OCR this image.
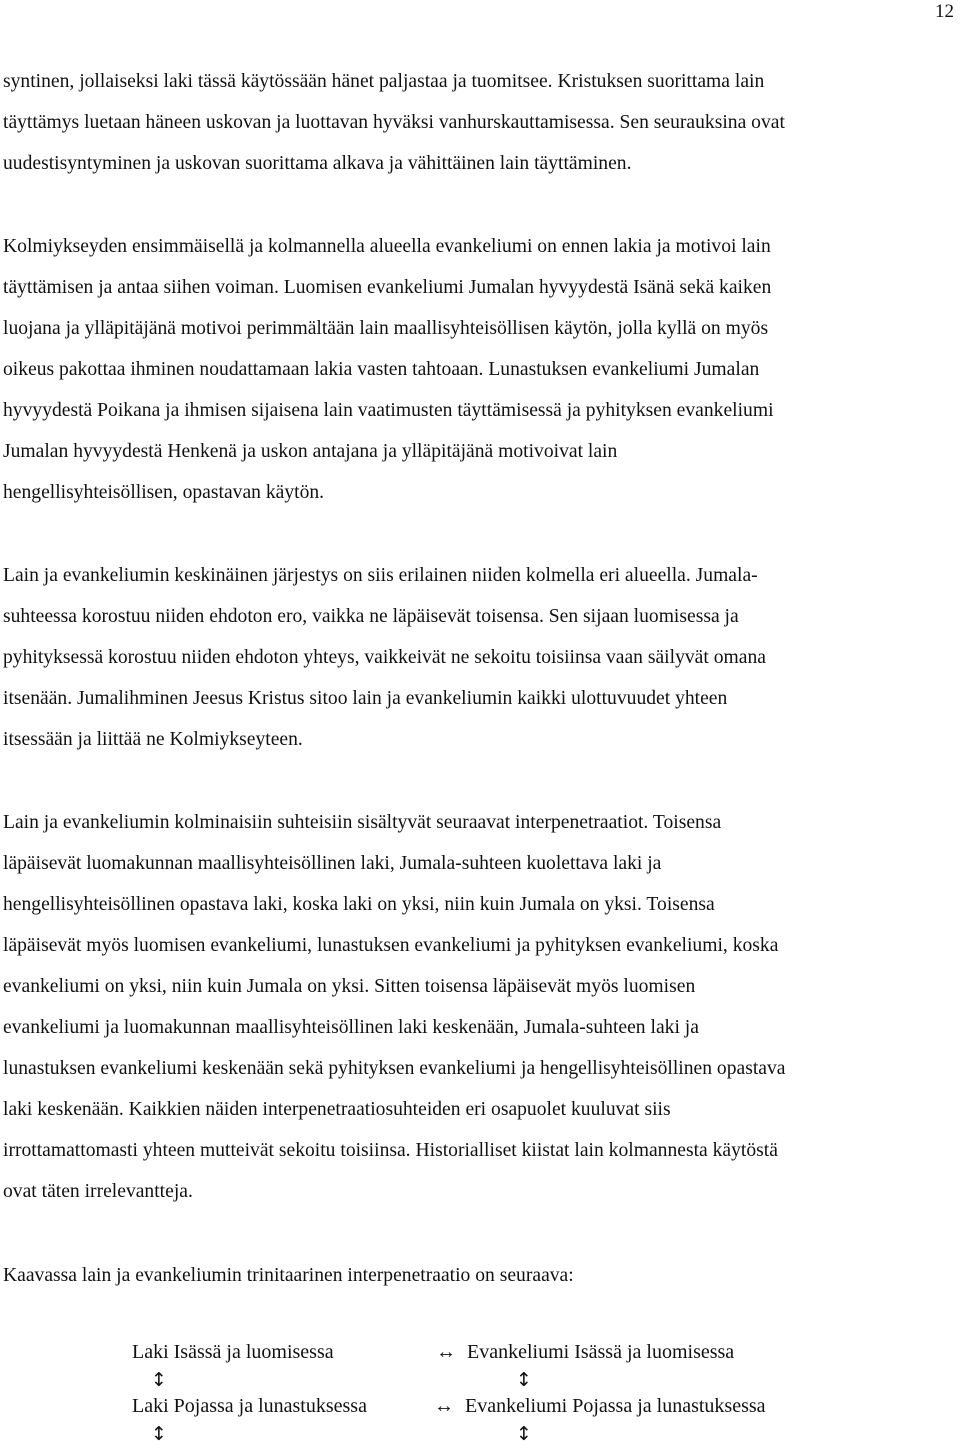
12
syntinen, jollaiseksi laki tässä käytössään hänet paljastaa ja tuomitsee. Kristuksen suorittama lain
täyttämys luetaan häneen uskovan ja luottavan hyväksi vanhurskauttamisessa. Sen seurauksina ovat
uudestisyntyminen ja uskovan suorittama alkava ja vähittäinen lain täyttäminen.
Kolmiykseyden ensimmäisellä ja kolmannella alueella evankeliumi on ennen lakia ja motivoi lain
täyttämisen ja antaa siihen voiman. Luomisen evankeliumi Jumalan hyvyydestä Isänä sekä kaiken
luojana ja ylläpitäjänä motivoi perimmältään lain maallisyhteisöllisen käytön, jolla kyllä on myös
oikeus pakottaa ihminen noudattamaan lakia vasten tahtoaan. Lunastuksen evankeliumi Jumalan
hyvyydestä Poikana ja ihmisen sijaisena lain vaatimusten täyttämisessä ja pyhityksen evankeliumi
Jumalan hyvyydestä Henkenä ja uskon antajana ja ylläpitäjänä motivoivat lain
hengellisyhteisöllisen, opastavan käytön.
Lain ja evankeliumin keskinäinen järjestys on siis erilainen niiden kolmella eri alueella. Jumala-
suhteessa korostuu niiden ehdoton ero, vaikka ne läpäisevät toisensa. Sen sijaan luomisessa ja
pyhityksessä korostuu niiden ehdoton yhteys, vaikkeivät ne sekoitu toisiinsa vaan säilyvät omana
itsenään. Jumalihminen Jeesus Kristus sitoo lain ja evankeliumin kaikki ulottuvuudet yhteen
itsessään ja liittää ne Kolmiykseyteen.
Lain ja evankeliumin kolminaisiin suhteisiin sisältyvät seuraavat interpenetraatiot. Toisensa
läpäisevät luomakunnan maallisyhteisöllinen laki, Jumala-suhteen kuolettava laki ja
hengellisyhteisöllinen opastava laki, koska laki on yksi, niin kuin Jumala on yksi. Toisensa
läpäisevät myös luomisen evankeliumi, lunastuksen evankeliumi ja pyhityksen evankeliumi, koska
evankeliumi on yksi, niin kuin Jumala on yksi. Sitten toisensa läpäisevät myös luomisen
evankeliumi ja luomakunnan maallisyhteisöllinen laki keskenään, Jumala-suhteen laki ja
lunastuksen evankeliumi keskenään sekä pyhityksen evankeliumi ja hengellisyhteisöllinen opastava
laki keskenään. Kaikkien näiden interpenetraatiosuhteiden eri osapuolet kuuluvat siis
irrottamattomasti yhteen mutteivät sekoitu toisiinsa. Historialliset kiistat lain kolmannesta käytöstä
ovat täten irrelevantteja.
Kaavassa lain ja evankeliumin trinitaarinen interpenetraatio on seuraava:
Laki Isässä ja luomisessa	↔ Evankeliumi Isässä ja luomisessa
↕	↕
Laki Pojassa ja lunastuksessa	↔ Evankeliumi Pojassa ja lunastuksessa
↕	↕
